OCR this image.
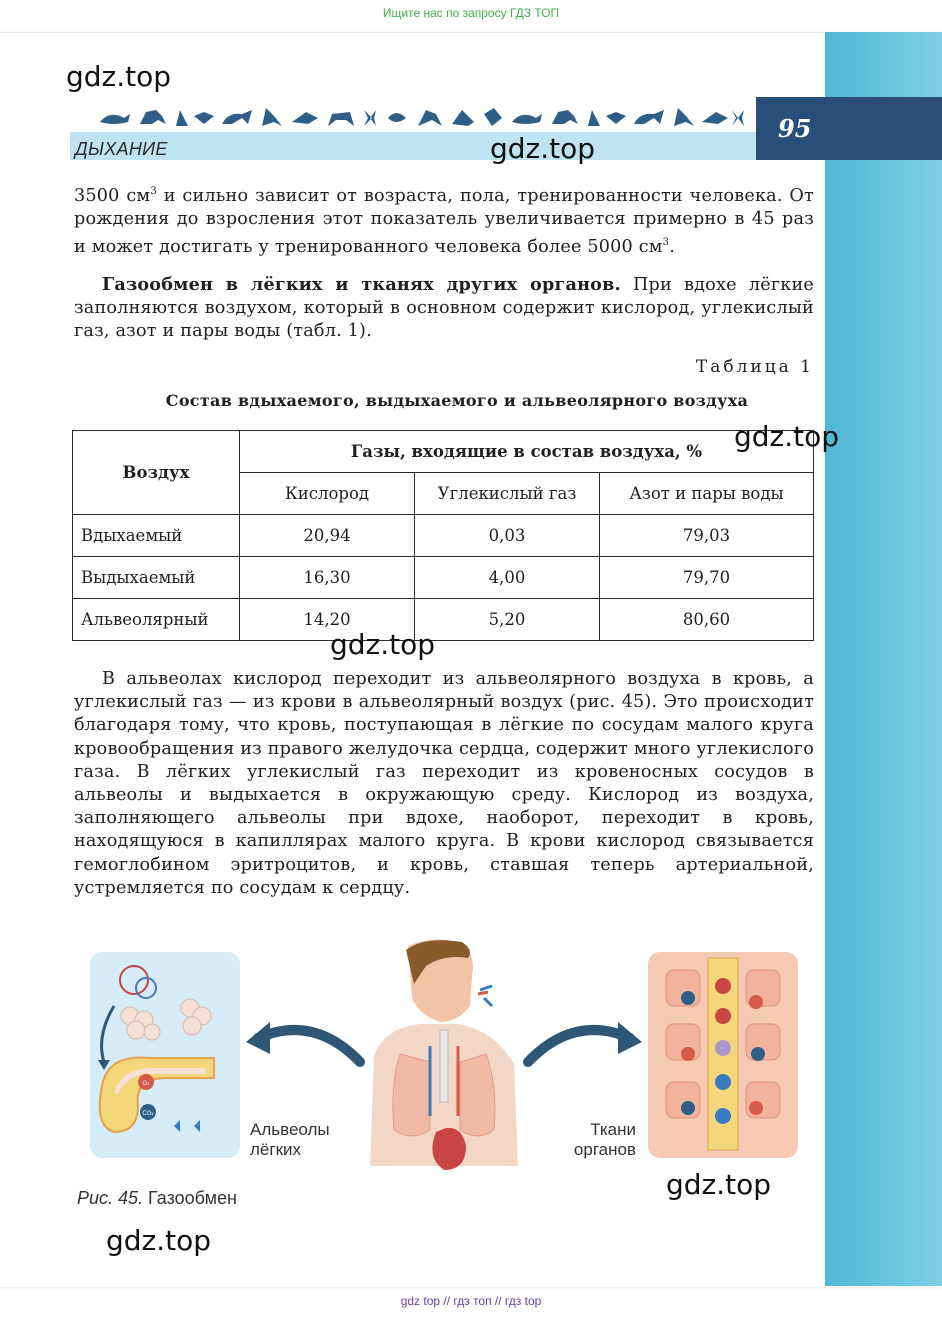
Ищите нас по запросу ГДЗ ТОП
95
ДЫХАНИЕ
3500 $см^3$ и сильно зависит от возраста, пола, тренированности человека. От рождения до взросления этот показатель увеличивается примерно в 45 раз и может достигать у тренированного человека более 5000 $см^3$.
Газообмен в лёгких и тканях других органов. При вдохе лёгкие заполняются воздухом, который в основном содержит кислород, углекислый газ, азот и пары воды (табл. 1).
Таблица 1
Состав вдыхаемого, выдыхаемого и альвеолярного воздуха
Воздух	Газы, входящие в состав воздуха, %		
	Кислород	Углекислый газ	Азот и пары воды
Вдыхаемый	20,94	0,03	79,03
Выдыхаемый	16,30	4,00	79,70
Альвеолярный	14,20	5,20	80,60
В альвеолах кислород переходит из альвеолярного воздуха в кровь, а углекислый газ — из крови в альвеолярный воздух (рис. 45). Это происходит благодаря тому, что кровь, поступающая в лёгкие по сосудам малого круга кровообращения из правого желудочка сердца, содержит много углекислого газа. В лёгких углекислый газ переходит из кровеносных сосудов в альвеолы и выдыхается в окружающую среду. Кислород из воздуха, заполняющего альвеолы при вдохе, наоборот, переходит в кровь, находящуюся в капиллярах малого круга. В крови кислород связывается гемоглобином эритроцитов, и кровь, ставшая теперь артериальной, устремляется по сосудам к сердцу.
O₂
CO₂
Альвеолы лёгких
Ткани органов
Рис. 45. Газообмен
gdz.top
gdz.top
gdz.top
gdz.top
gdz.top
gdz.top
gdz top // гдз топ // гдз top
